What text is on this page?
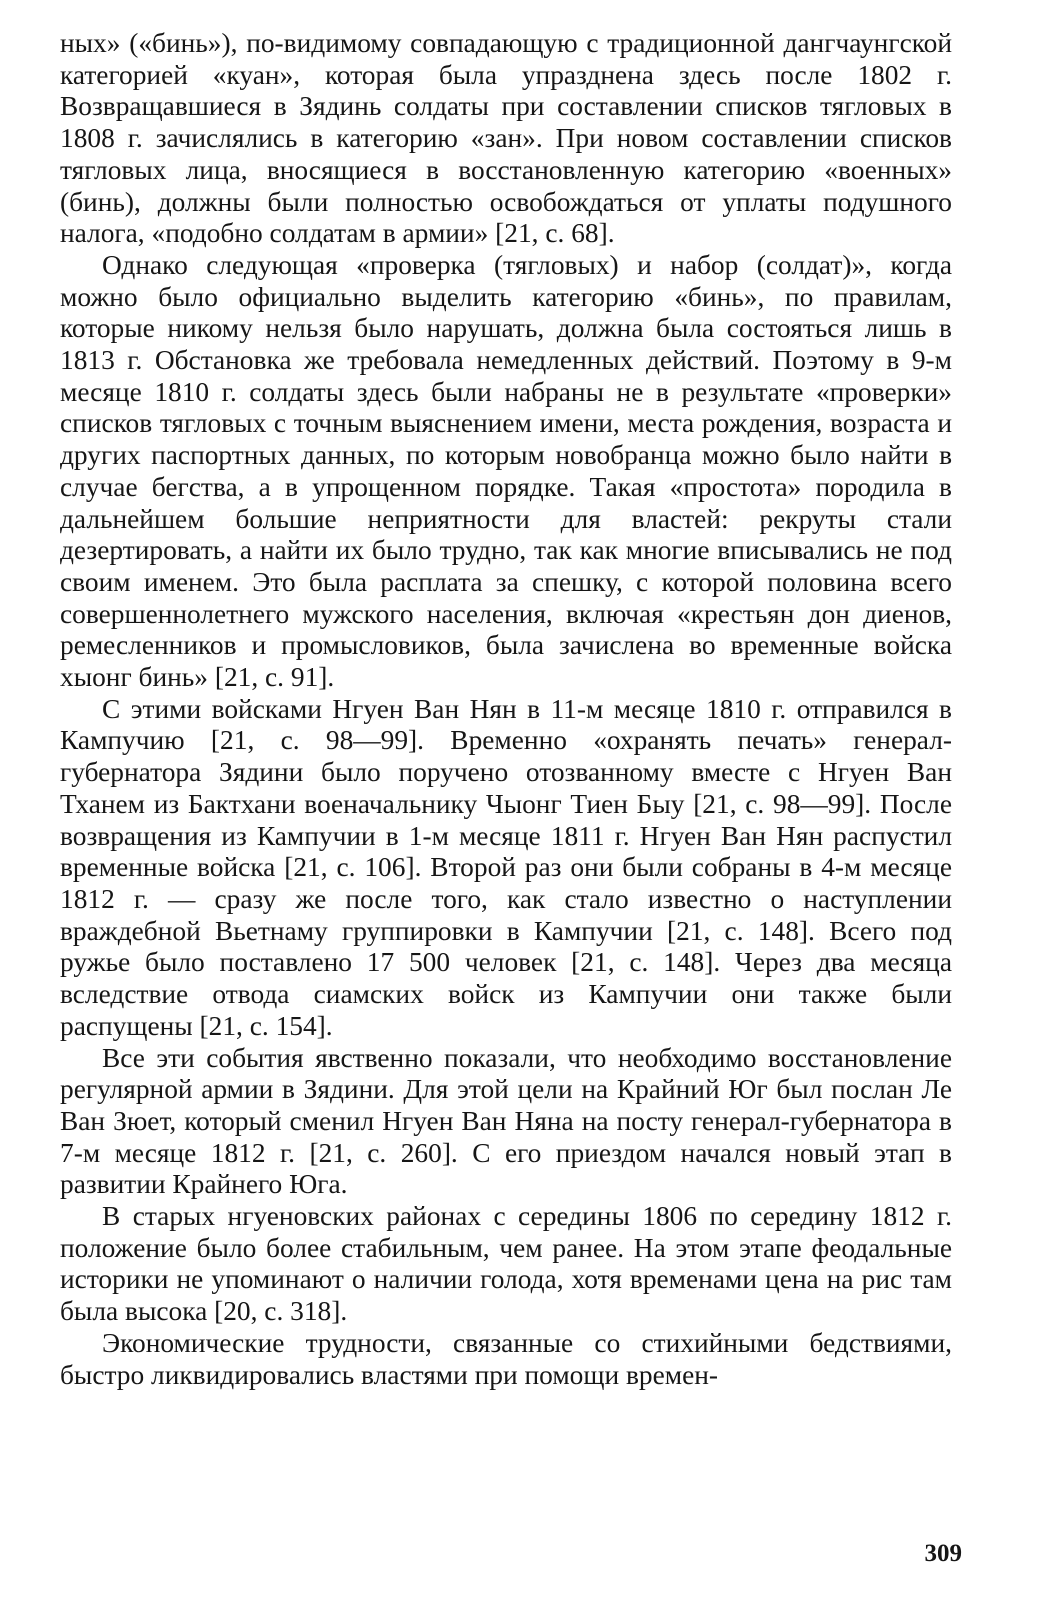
ных» («бинь»), по-видимому совпадающую с традиционной дангчаунгской категорией «куан», которая была упразднена здесь после 1802 г. Возвращавшиеся в Зядинь солдаты при составлении списков тягловых в 1808 г. зачислялись в категорию «зан». При новом составлении списков тягловых лица, вносящиеся в восстановленную категорию «военных» (бинь), должны были полностью освобождаться от уплаты подушного налога, «подобно солдатам в армии» [21, с. 68].

Однако следующая «проверка (тягловых) и набор (солдат)», когда можно было официально выделить категорию «бинь», по правилам, которые никому нельзя было нарушать, должна была состояться лишь в 1813 г. Обстановка же требовала немедленных действий. Поэтому в 9-м месяце 1810 г. солдаты здесь были набраны не в результате «проверки» списков тягловых с точным выяснением имени, места рождения, возраста и других паспортных данных, по которым новобранца можно было найти в случае бегства, а в упрощенном порядке. Такая «простота» породила в дальнейшем большие неприятности для властей: рекруты стали дезертировать, а найти их было трудно, так как многие вписывались не под своим именем. Это была расплата за спешку, с которой половина всего совершеннолетнего мужского населения, включая «крестьян дон диенов, ремесленников и промысловиков, была зачислена во временные войска хыонг бинь» [21, с. 91].

С этими войсками Нгуен Ван Нян в 11-м месяце 1810 г. отправился в Кампучию [21, с. 98—99]. Временно «охранять печать» генерал-губернатора Зядини было поручено отозванному вместе с Нгуен Ван Тханем из Бактхани военачальнику Чыонг Тиен Быу [21, с. 98—99]. После возвращения из Кампучии в 1-м месяце 1811 г. Нгуен Ван Нян распустил временные войска [21, с. 106]. Второй раз они были собраны в 4-м месяце 1812 г. — сразу же после того, как стало известно о наступлении враждебной Вьетнаму группировки в Кампучии [21, с. 148]. Всего под ружье было поставлено 17 500 человек [21, с. 148]. Через два месяца вследствие отвода сиамских войск из Кампучии они также были распущены [21, с. 154].

Все эти события явственно показали, что необходимо восстановление регулярной армии в Зядини. Для этой цели на Крайний Юг был послан Ле Ван Зюет, который сменил Нгуен Ван Няна на посту генерал-губернатора в 7-м месяце 1812 г. [21, с. 260]. С его приездом начался новый этап в развитии Крайнего Юга.

В старых нгуеновских районах с середины 1806 по середину 1812 г. положение было более стабильным, чем ранее. На этом этапе феодальные историки не упоминают о наличии голода, хотя временами цена на рис там была высока [20, с. 318].

Экономические трудности, связанные со стихийными бедствиями, быстро ликвидировались властями при помощи времен-

309
